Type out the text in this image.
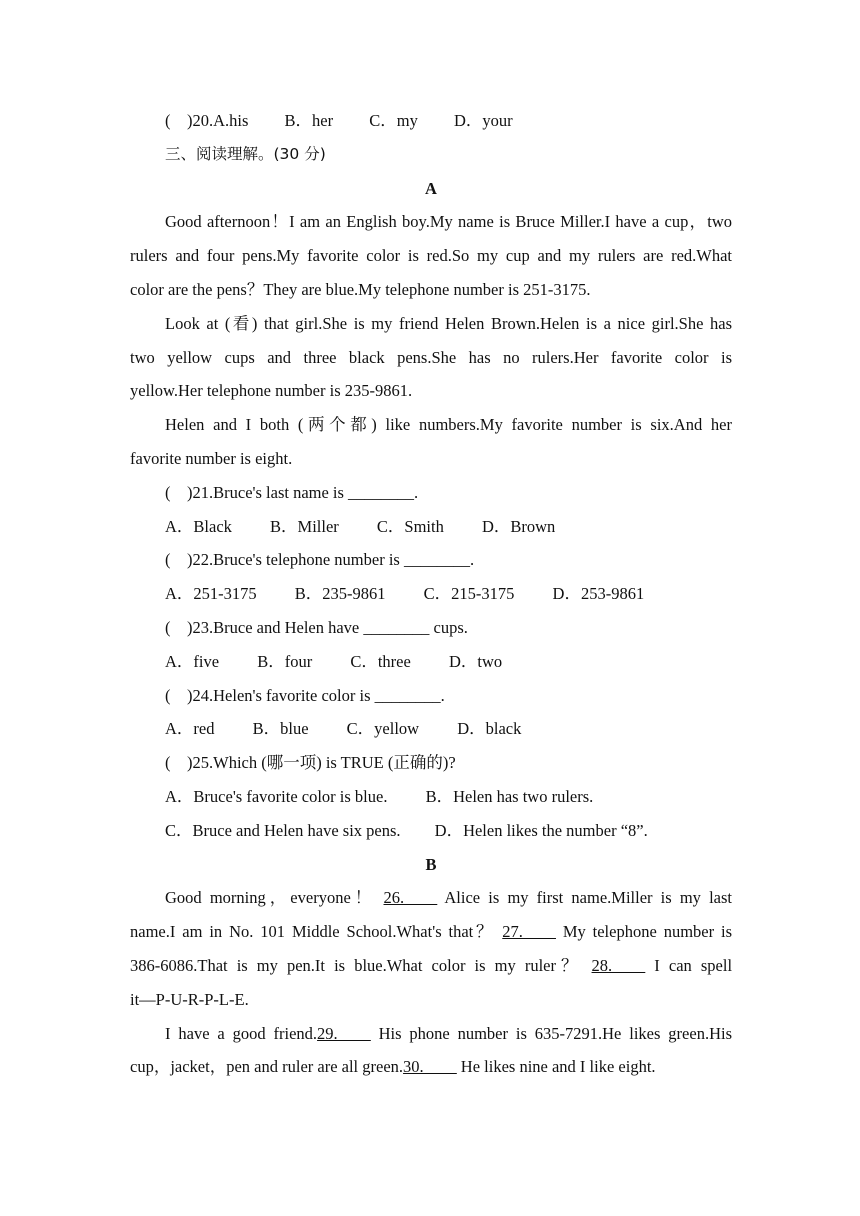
(    )20.A.his B．her C．my D．your
三、阅读理解。(30 分)
A
Good afternoon！I am an English boy.My name is Bruce Miller.I have a cup，two
rulers and four pens.My favorite color is red.So my cup and my rulers are red.What
color are the pens？They are blue.My telephone number is 251-3175.
Look at (看) that girl.She is my friend Helen Brown.Helen is a nice girl.She has
two yellow cups and three black pens.She has no rulers.Her favorite color is
yellow.Her telephone number is 235-9861.
Helen and I both (两个都) like numbers.My favorite number is six.And her
favorite number is eight.
(    )21.Bruce's last name is ________.
A．Black B．Miller C．Smith D．Brown
(    )22.Bruce's telephone number is ________.
A．251-3175 B．235-9861 C．215-3175 D．253-9861
(    )23.Bruce and Helen have ________ cups.
A．five B．four C．three D．two
(    )24.Helen's favorite color is ________.
A．red B．blue C．yellow D．black
(    )25.Which (哪一项) is TRUE (正确的)?
A．Bruce's favorite color is blue. B．Helen has two rulers.
C．Bruce and Helen have six pens. D．Helen likes the number “8”.
B
Good morning，everyone！ 26.____ Alice is my first name.Miller is my last
name.I am in No. 101 Middle School.What's that？ 27.____ My telephone number is
386-6086.That is my pen.It is blue.What color is my ruler？ 28.____ I can spell
it—P-U-R-P-L-E.
I have a good friend.29.____ His phone number is 635-7291.He likes green.His
cup，jacket，pen and ruler are all green.30.____ He likes nine and I like eight.
